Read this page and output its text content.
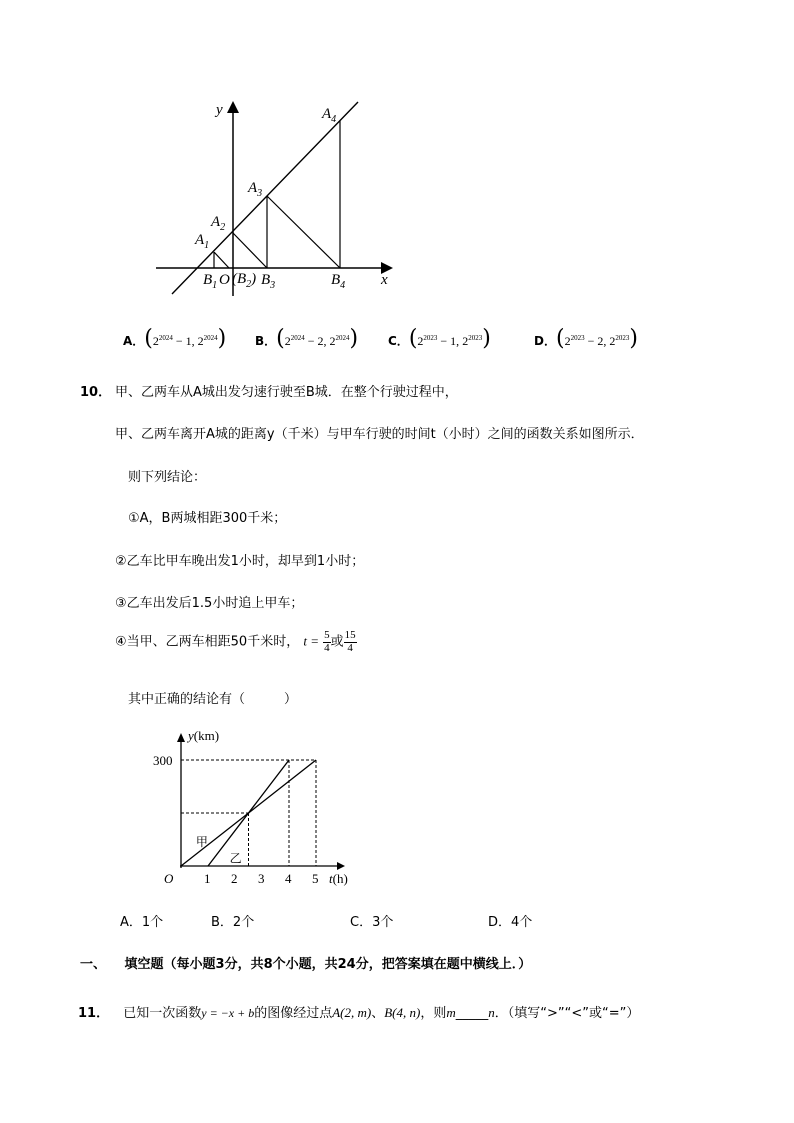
y
x
$A_4$
$A_3$
$A_2$
$A_1$
$B_1$ O $(B_2)$ $B_3$	$B_4$
A．($2^{2024} - 1$, $2^{2024}$) B．($2^{2024} - 2$, $2^{2024}$) C．($2^{2023} - 1$, $2^{2023}$)	D．($2^{2023} - 2$, $2^{2023}$)
10． 甲、乙两车从A城出发匀速行驶至B城．在整个行驶过程中，
甲、乙两车离开A城的距离y（千米）与甲车行驶的时间t（小时）之间的函数关系如图所示．
则下列结论：
①A，B两城相距300千米；
②乙车比甲车晚出发1小时，却早到1小时；
③乙车出发后1.5小时追上甲车；
④当甲、乙两车相距50千米时， $t = \frac{5}{4}$ 或 $\frac{15}{4}$
其中正确的结论有（　　　）
y(km)
t(h)
O
甲
乙
300
1 2 3 4 5
A．1个	B．2个	C．3个	D．4个
一、 填空题（每小题3分，共8个小题，共24分，把答案填在题中横线上．）
11． 已知一次函数y = −x + b的图像经过点A(2, m)、B(4, n)，则m_____n．（填写“>”“<”或“=”）
